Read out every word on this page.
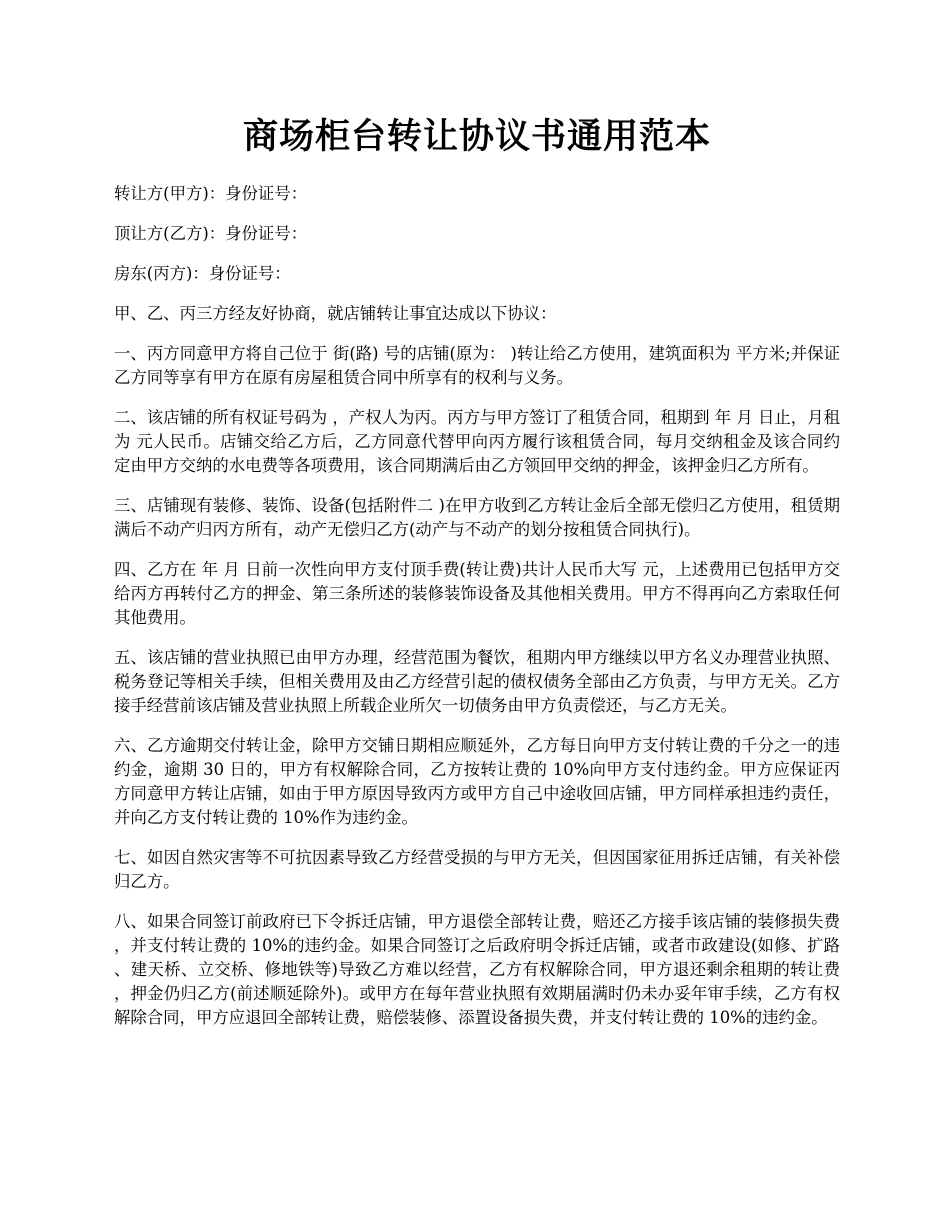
商场柜台转让协议书通用范本

转让方(甲方)：身份证号：

顶让方(乙方)：身份证号：

房东(丙方)：身份证号：

甲、乙、丙三方经友好协商，就店铺转让事宜达成以下协议：

一、丙方同意甲方将自己位于 街(路) 号的店铺(原为： )转让给乙方使用，建筑面积为 平方米;并保证乙方同等享有甲方在原有房屋租赁合同中所享有的权利与义务。

二、该店铺的所有权证号码为 ，产权人为丙。丙方与甲方签订了租赁合同，租期到 年 月 日止，月租为 元人民币。店铺交给乙方后，乙方同意代替甲向丙方履行该租赁合同，每月交纳租金及该合同约定由甲方交纳的水电费等各项费用，该合同期满后由乙方领回甲交纳的押金，该押金归乙方所有。

三、店铺现有装修、装饰、设备(包括附件二 )在甲方收到乙方转让金后全部无偿归乙方使用，租赁期满后不动产归丙方所有，动产无偿归乙方(动产与不动产的划分按租赁合同执行)。

四、乙方在 年 月 日前一次性向甲方支付顶手费(转让费)共计人民币大写 元，上述费用已包括甲方交给丙方再转付乙方的押金、第三条所述的装修装饰设备及其他相关费用。甲方不得再向乙方索取任何其他费用。

五、该店铺的营业执照已由甲方办理，经营范围为餐饮，租期内甲方继续以甲方名义办理营业执照、税务登记等相关手续，但相关费用及由乙方经营引起的债权债务全部由乙方负责，与甲方无关。乙方接手经营前该店铺及营业执照上所载企业所欠一切债务由甲方负责偿还，与乙方无关。

六、乙方逾期交付转让金，除甲方交铺日期相应顺延外，乙方每日向甲方支付转让费的千分之一的违约金，逾期 30 日的，甲方有权解除合同，乙方按转让费的 10%向甲方支付违约金。甲方应保证丙方同意甲方转让店铺，如由于甲方原因导致丙方或甲方自己中途收回店铺，甲方同样承担违约责任，并向乙方支付转让费的 10%作为违约金。

七、如因自然灾害等不可抗因素导致乙方经营受损的与甲方无关，但因国家征用拆迁店铺，有关补偿归乙方。

八、如果合同签订前政府已下令拆迁店铺，甲方退偿全部转让费，赔还乙方接手该店铺的装修损失费，并支付转让费的 10%的违约金。如果合同签订之后政府明令拆迁店铺，或者市政建设(如修、扩路、建天桥、立交桥、修地铁等)导致乙方难以经营，乙方有权解除合同，甲方退还剩余租期的转让费，押金仍归乙方(前述顺延除外)。或甲方在每年营业执照有效期届满时仍未办妥年审手续，乙方有权解除合同，甲方应退回全部转让费，赔偿装修、添置设备损失费，并支付转让费的 10%的违约金。
